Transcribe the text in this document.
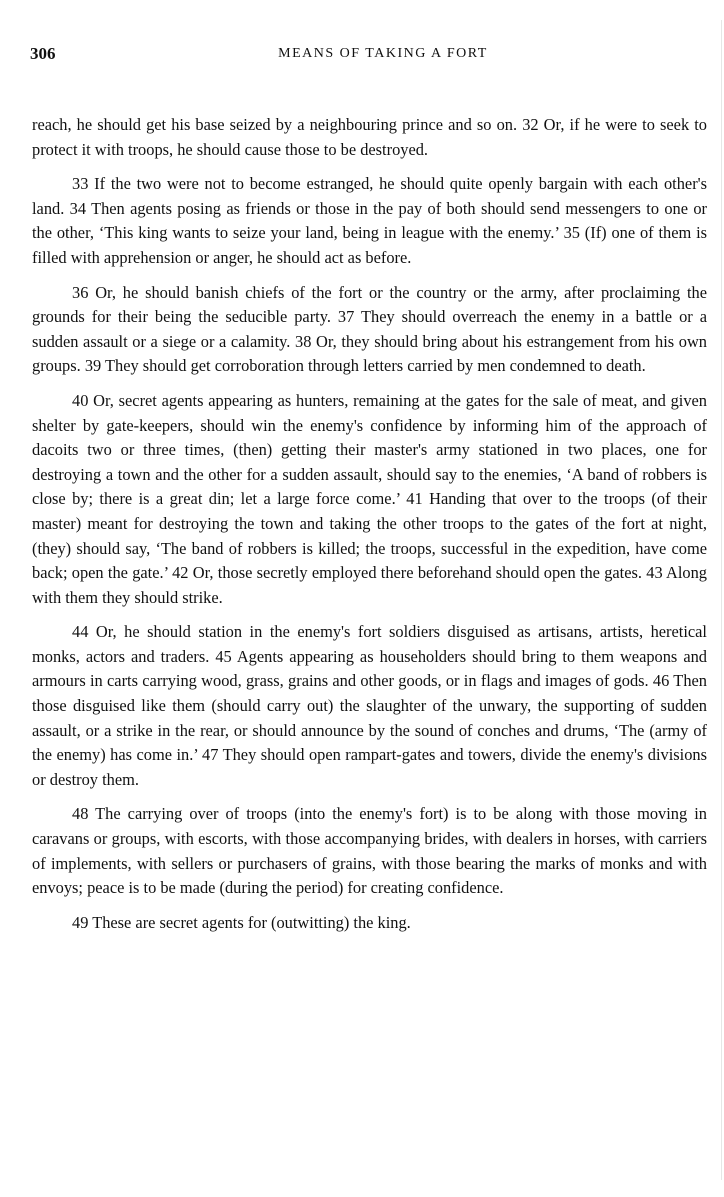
306	MEANS OF TAKING A FORT

reach, he should get his base seized by a neighbouring prince and so on. 32 Or, if he were to seek to protect it with troops, he should cause those to be destroyed.

33 If the two were not to become estranged, he should quite openly bargain with each other's land. 34 Then agents posing as friends or those in the pay of both should send messengers to one or the other, ‘This king wants to seize your land, being in league with the enemy.’ 35 (If) one of them is filled with apprehension or anger, he should act as before.

36 Or, he should banish chiefs of the fort or the country or the army, after proclaiming the grounds for their being the seducible party. 37 They should overreach the enemy in a battle or a sudden assault or a siege or a calamity. 38 Or, they should bring about his estrangement from his own groups. 39 They should get corroboration through letters carried by men condemned to death.

40 Or, secret agents appearing as hunters, remaining at the gates for the sale of meat, and given shelter by gate-keepers, should win the enemy's confidence by informing him of the approach of dacoits two or three times, (then) getting their master's army stationed in two places, one for destroying a town and the other for a sudden assault, should say to the enemies, ‘A band of robbers is close by; there is a great din; let a large force come.’ 41 Handing that over to the troops (of their master) meant for destroying the town and taking the other troops to the gates of the fort at night, (they) should say, ‘The band of robbers is killed; the troops, successful in the expedition, have come back; open the gate.’ 42 Or, those secretly employed there beforehand should open the gates. 43 Along with them they should strike.

44 Or, he should station in the enemy's fort soldiers disguised as artisans, artists, heretical monks, actors and traders. 45 Agents appearing as householders should bring to them weapons and armours in carts carrying wood, grass, grains and other goods, or in flags and images of gods. 46 Then those disguised like them (should carry out) the slaughter of the unwary, the supporting of sudden assault, or a strike in the rear, or should announce by the sound of conches and drums, ‘The (army of the enemy) has come in.’ 47 They should open rampart-gates and towers, divide the enemy's divisions or destroy them.

48 The carrying over of troops (into the enemy's fort) is to be along with those moving in caravans or groups, with escorts, with those accompanying brides, with dealers in horses, with carriers of implements, with sellers or purchasers of grains, with those bearing the marks of monks and with envoys; peace is to be made (during the period) for creating confidence.

49 These are secret agents for (outwitting) the king.
